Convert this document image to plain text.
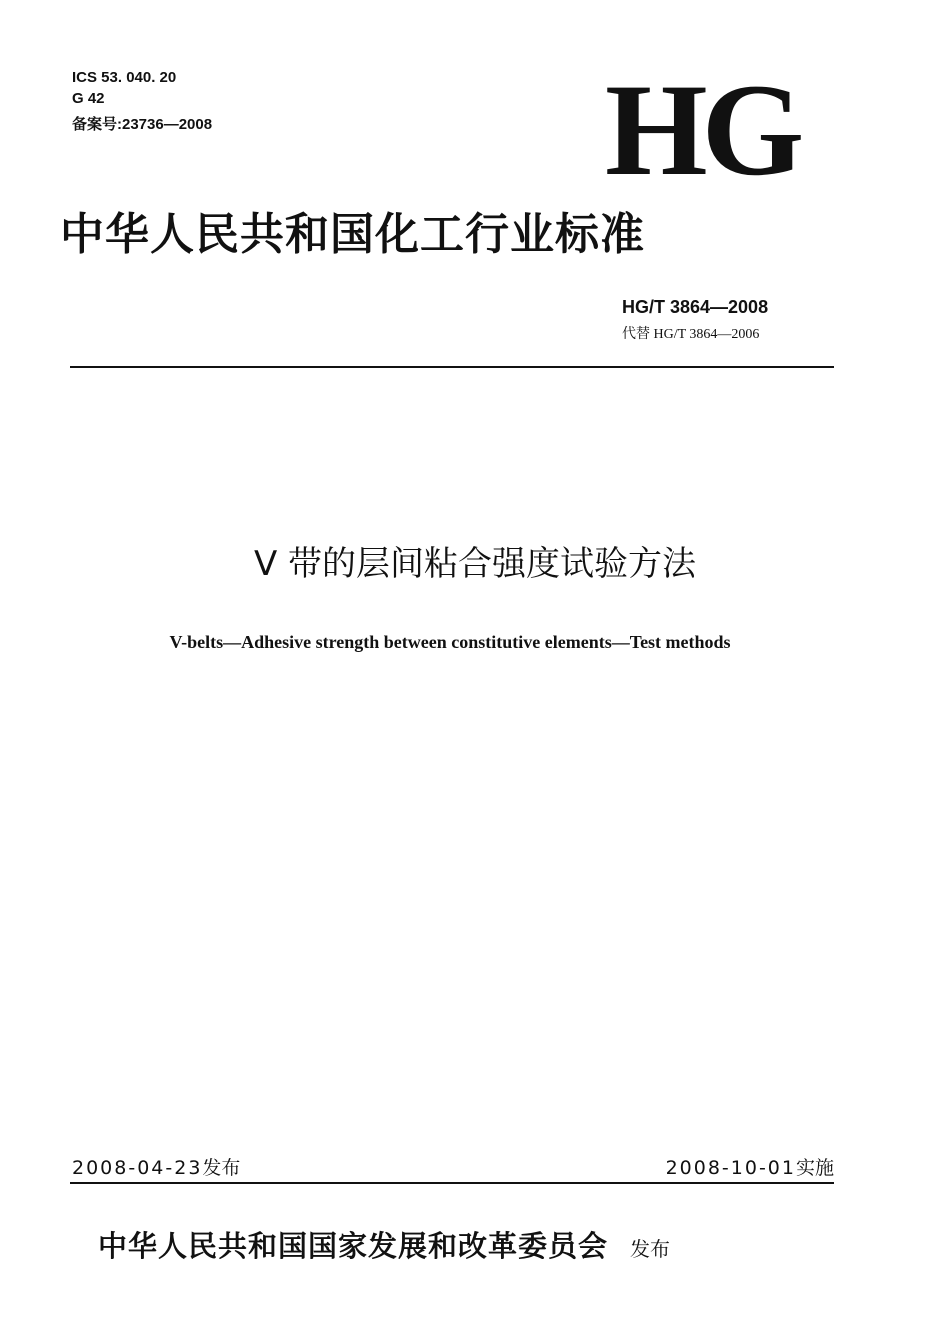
ICS 53. 040. 20
G 42
备案号:23736—2008	HG
中华人民共和国化工行业标准
HG/T 3864—2008
代替 HG/T 3864—2006
V 带的层间粘合强度试验方法
V-belts—Adhesive strength between constitutive elements—Test methods
2008-04-23发布	2008-10-01实施
中华人民共和国国家发展和改革委员会 发布
